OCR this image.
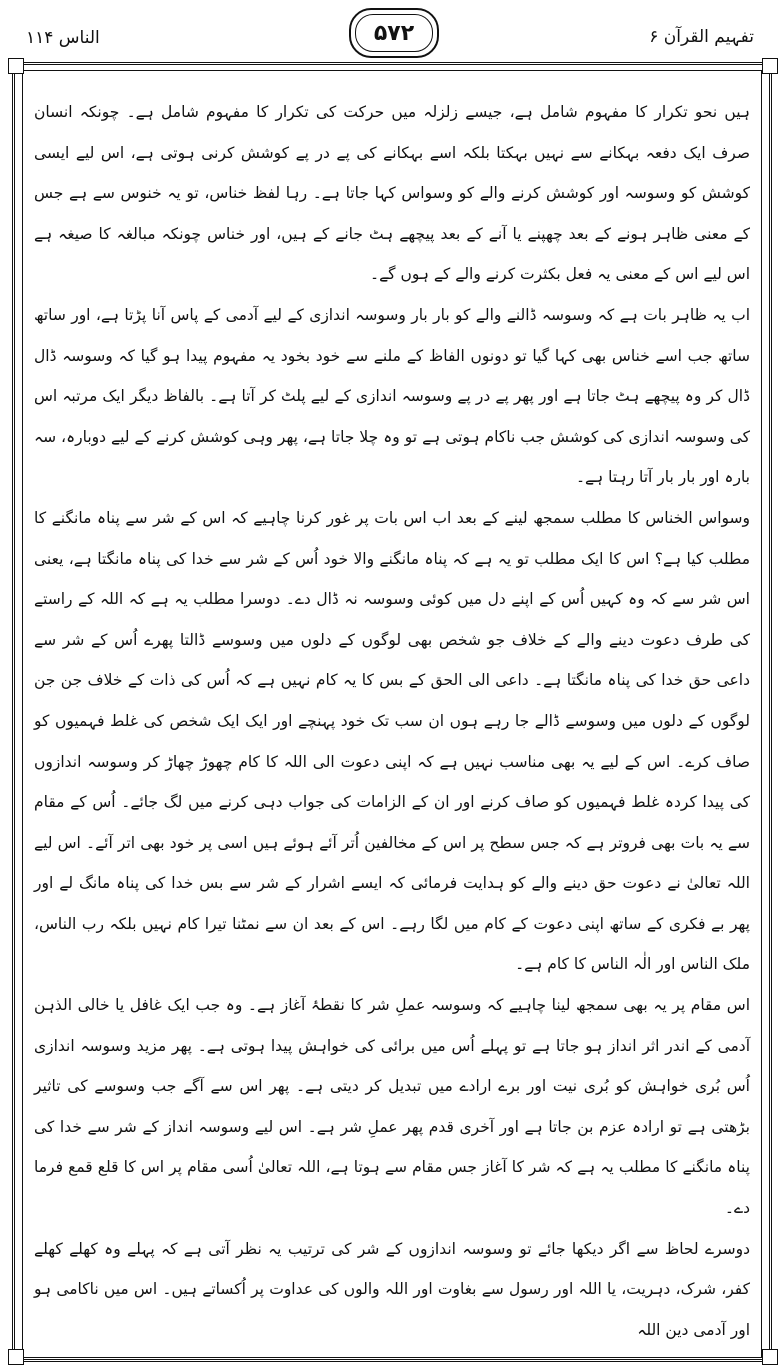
الناس ۱۱۴	۵۷۲	تفہیم القرآن ۶

ہیں نحو تکرار کا مفہوم شامل ہے، جیسے زلزلہ میں حرکت کی تکرار کا مفہوم شامل ہے۔ چونکہ انسان صرف ایک دفعہ بہکانے سے نہیں بہکتا بلکہ اسے بہکانے کی پے در پے کوشش کرنی ہوتی ہے، اس لیے ایسی کوشش کو وسوسہ اور کوشش کرنے والے کو وسواس کہا جاتا ہے۔ رہا لفظ خناس، تو یہ خنوس سے ہے جس کے معنی ظاہر ہونے کے بعد چھپنے یا آنے کے بعد پیچھے ہٹ جانے کے ہیں، اور خناس چونکہ مبالغہ کا صیغہ ہے اس لیے اس کے معنی یہ فعل بکثرت کرنے والے کے ہوں گے۔

اب یہ ظاہر بات ہے کہ وسوسہ ڈالنے والے کو بار بار وسوسہ اندازی کے لیے آدمی کے پاس آنا پڑتا ہے، اور ساتھ ساتھ جب اسے خناس بھی کہا گیا تو دونوں الفاظ کے ملنے سے خود بخود یہ مفہوم پیدا ہو گیا کہ وسوسہ ڈال ڈال کر وہ پیچھے ہٹ جاتا ہے اور پھر پے در پے وسوسہ اندازی کے لیے پلٹ کر آتا ہے۔ بالفاظ دیگر ایک مرتبہ اس کی وسوسہ اندازی کی کوشش جب ناکام ہوتی ہے تو وہ چلا جاتا ہے، پھر وہی کوشش کرنے کے لیے دوبارہ، سہ بارہ اور بار بار آتا رہتا ہے۔

وسواس الخناس کا مطلب سمجھ لینے کے بعد اب اس بات پر غور کرنا چاہیے کہ اس کے شر سے پناہ مانگنے کا مطلب کیا ہے؟ اس کا ایک مطلب تو یہ ہے کہ پناہ مانگنے والا خود اُس کے شر سے خدا کی پناہ مانگتا ہے، یعنی اس شر سے کہ وہ کہیں اُس کے اپنے دل میں کوئی وسوسہ نہ ڈال دے۔ دوسرا مطلب یہ ہے کہ اللہ کے راستے کی طرف دعوت دینے والے کے خلاف جو شخص بھی لوگوں کے دلوں میں وسوسے ڈالتا پھرے اُس کے شر سے داعی حق خدا کی پناہ مانگتا ہے۔ داعی الی الحق کے بس کا یہ کام نہیں ہے کہ اُس کی ذات کے خلاف جن جن لوگوں کے دلوں میں وسوسے ڈالے جا رہے ہوں ان سب تک خود پہنچے اور ایک ایک شخص کی غلط فہمیوں کو صاف کرے۔ اس کے لیے یہ بھی مناسب نہیں ہے کہ اپنی دعوت الی اللہ کا کام چھوڑ چھاڑ کر وسوسہ اندازوں کی پیدا کردہ غلط فہمیوں کو صاف کرنے اور ان کے الزامات کی جواب دہی کرنے میں لگ جائے۔ اُس کے مقام سے یہ بات بھی فروتر ہے کہ جس سطح پر اس کے مخالفین اُتر آئے ہوئے ہیں اسی پر خود بھی اتر آئے۔ اس لیے اللہ تعالیٰ نے دعوت حق دینے والے کو ہدایت فرمائی کہ ایسے اشرار کے شر سے بس خدا کی پناہ مانگ لے اور پھر بے فکری کے ساتھ اپنی دعوت کے کام میں لگا رہے۔ اس کے بعد ان سے نمٹنا تیرا کام نہیں بلکہ رب الناس، ملک الناس اور الٰہ الناس کا کام ہے۔

اس مقام پر یہ بھی سمجھ لینا چاہیے کہ وسوسہ عملِ شر کا نقطۂ آغاز ہے۔ وہ جب ایک غافل یا خالی الذہن آدمی کے اندر اثر انداز ہو جاتا ہے تو پہلے اُس میں برائی کی خواہش پیدا ہوتی ہے۔ پھر مزید وسوسہ اندازی اُس بُری خواہش کو بُری نیت اور برے ارادے میں تبدیل کر دیتی ہے۔ پھر اس سے آگے جب وسوسے کی تاثیر بڑھتی ہے تو ارادہ عزم بن جاتا ہے اور آخری قدم پھر عملِ شر ہے۔ اس لیے وسوسہ انداز کے شر سے خدا کی پناہ مانگنے کا مطلب یہ ہے کہ شر کا آغاز جس مقام سے ہوتا ہے، اللہ تعالیٰ اُسی مقام پر اس کا قلع قمع فرما دے۔

دوسرے لحاظ سے اگر دیکھا جائے تو وسوسہ اندازوں کے شر کی ترتیب یہ نظر آتی ہے کہ پہلے وہ کھلے کھلے کفر، شرک، دہریت، یا اللہ اور رسول سے بغاوت اور اللہ والوں کی عداوت پر اُکساتے ہیں۔ اس میں ناکامی ہو اور آدمی دین اللہ
